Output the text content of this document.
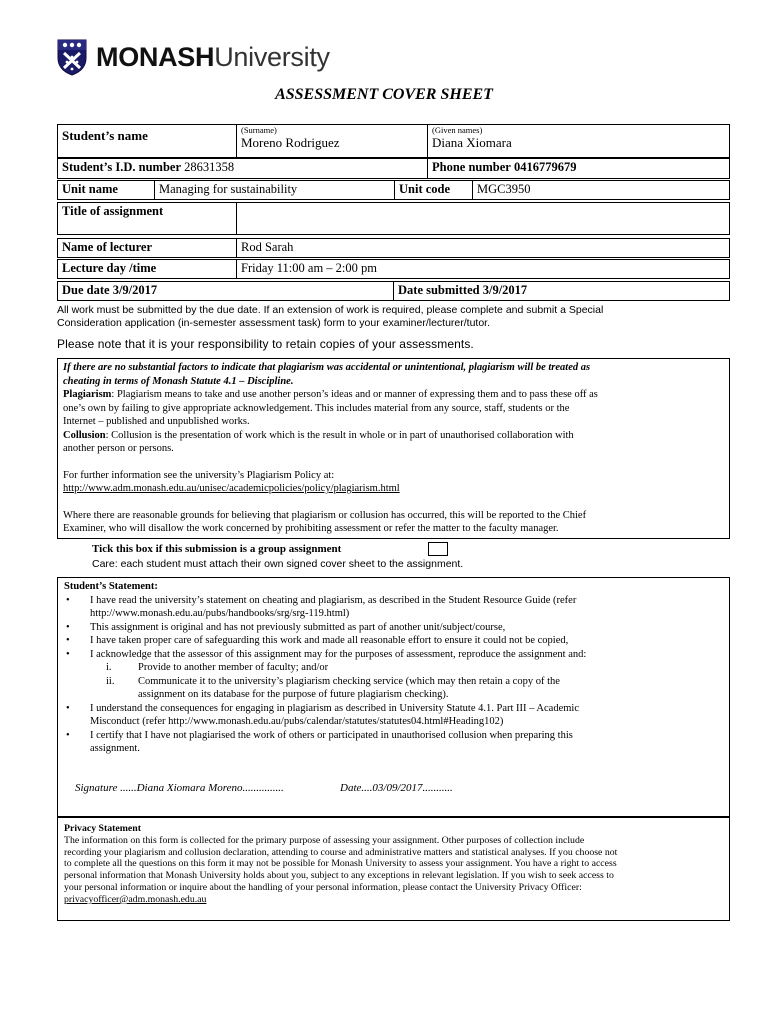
MONASHUniversity
ASSESSMENT COVER SHEET
Student’s name	(Surname)
Moreno Rodriguez	
(Given names)
Diana Xiomara
Student’s I.D. number 28631358	Phone number 0416779679
Unit name	Managing for sustainability	Unit code	MGC3950
Title of assignment	
Name of lecturer	Rod Sarah
Lecture day /time	Friday 11:00 am – 2:00 pm
Due date 3/9/2017	Date submitted 3/9/2017
All work must be submitted by the due date. If an extension of work is required, please complete and submit a Special
Consideration application (in-semester assessment task) form to your examiner/lecturer/tutor.
Please note that it is your responsibility to retain copies of your assessments.

If there are no substantial factors to indicate that plagiarism was accidental or unintentional, plagiarism will be treated as

cheating in terms of Monash Statute 4.1 – Discipline.

Plagiarism: Plagiarism means to take and use another person’s ideas and or manner of expressing them and to pass these off as

one’s own by failing to give appropriate acknowledgement. This includes material from any source, staff, students or the

Internet – published and unpublished works.

Collusion: Collusion is the presentation of work which is the result in whole or in part of unauthorised collaboration with

another person or persons.

For further information see the university’s Plagiarism Policy at:

http://www.adm.monash.edu.au/unisec/academicpolicies/policy/plagiarism.html

Where there are reasonable grounds for believing that plagiarism or collusion has occurred, this will be reported to the Chief

Examiner, who will disallow the work concerned by prohibiting assessment or refer the matter to the faculty manager.

Tick this box if this submission is a group assignment
Care: each student must attach their own signed cover sheet to the assignment.

Student’s Statement:

• I have read the university’s statement on cheating and plagiarism, as described in the Student Resource Guide (refer
http://www.monash.edu.au/pubs/handbooks/srg/srg-119.html)
• This assignment is original and has not previously submitted as part of another unit/subject/course,
• I have taken proper care of safeguarding this work and made all reasonable effort to ensure it could not be copied,
• I acknowledge that the assessor of this assignment may for the purposes of assessment, reproduce the assignment and:
i.	Provide to another member of faculty; and/or
ii. Communicate it to the university’s plagiarism checking service (which may then retain a copy of the
assignment on its database for the purpose of future plagiarism checking).
• I understand the consequences for engaging in plagiarism as described in University Statute 4.1. Part III – Academic
Misconduct (refer http://www.monash.edu.au/pubs/calendar/statutes/statutes04.html#Heading102)
• I certify that I have not plagiarised the work of others or participated in unauthorised collusion when preparing this
assignment.
Signature ......Diana Xiomara Moreno...............	Date....03/09/2017...........

Privacy Statement

The information on this form is collected for the primary purpose of assessing your assignment. Other purposes of collection include

recording your plagiarism and collusion declaration, attending to course and administrative matters and statistical analyses. If you choose not

to complete all the questions on this form it may not be possible for Monash University to assess your assignment. You have a right to access

personal information that Monash University holds about you, subject to any exceptions in relevant legislation. If you wish to seek access to

your personal information or inquire about the handling of your personal information, please contact the University Privacy Officer:

privacyofficer@adm.monash.edu.au
